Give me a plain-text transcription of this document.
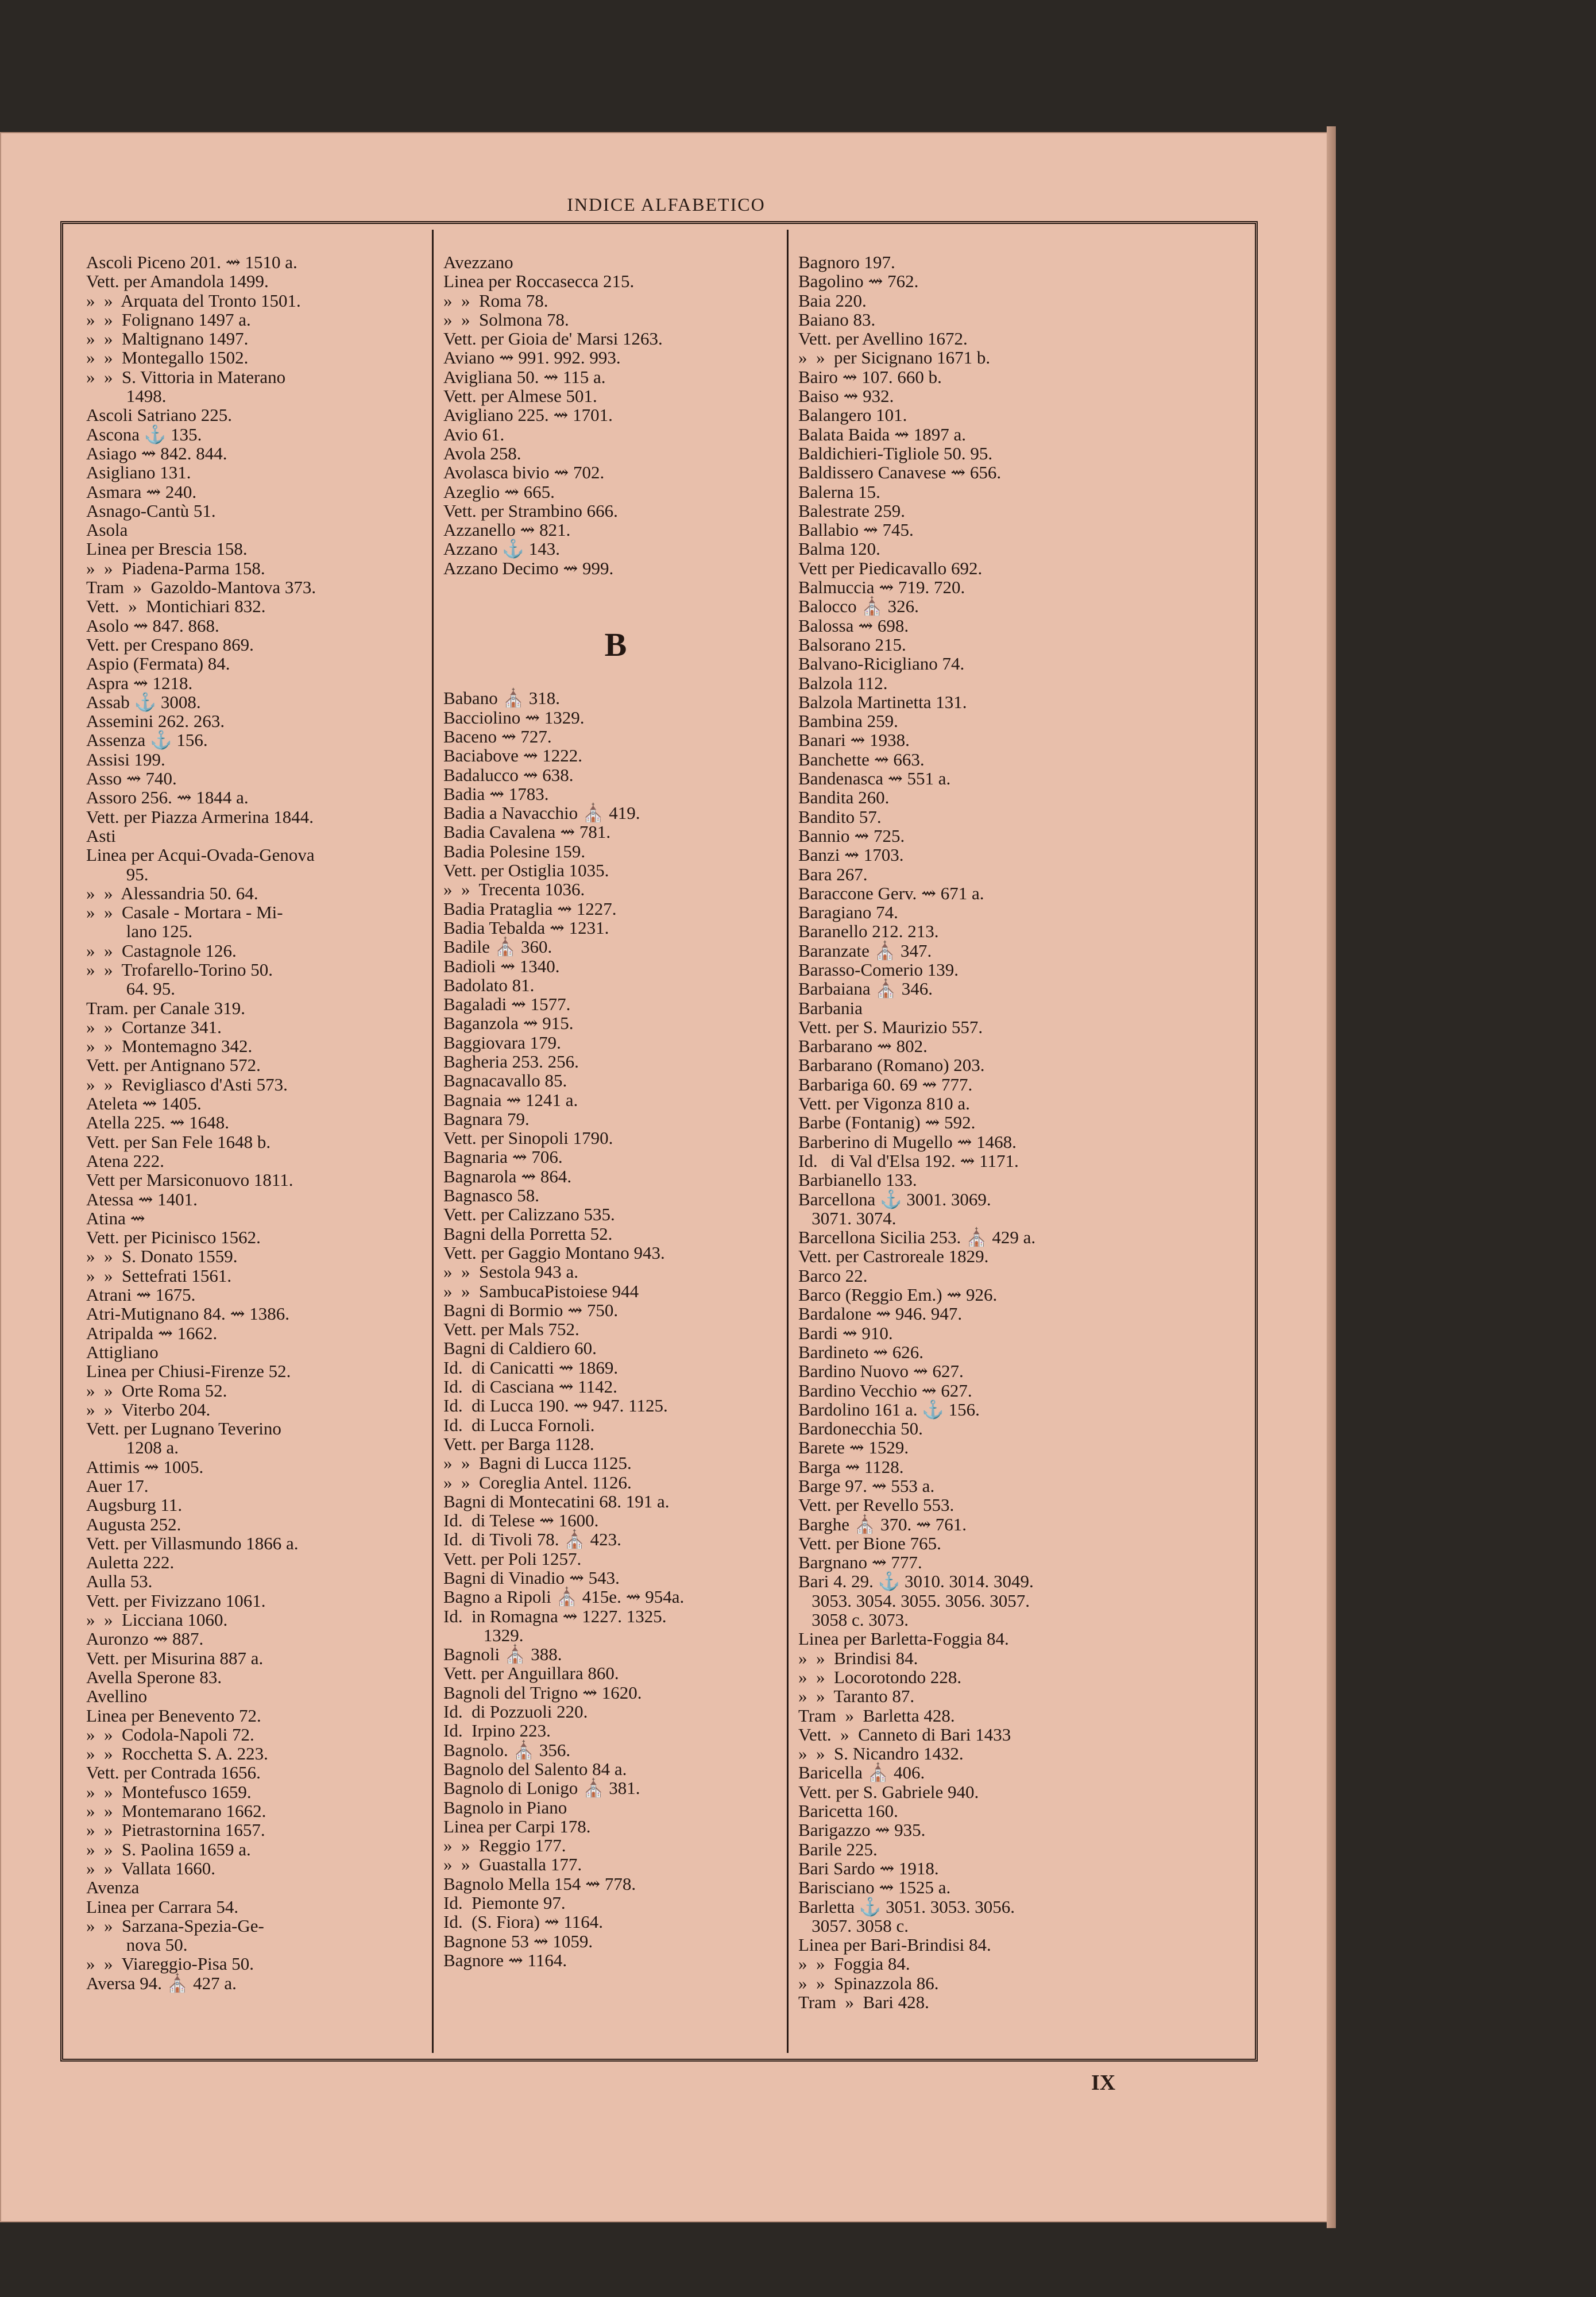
INDICE ALFABETICO
Ascoli Piceno 201. ⇝ 1510 a.
Vett. per Amandola 1499.
»  »  Arquata del Tronto 1501.
»  »  Folignano 1497 a.
»  »  Maltignano 1497.
»  »  Montegallo 1502.
»  »  S. Vittoria in Materano
1498.
Ascoli Satriano 225.
Ascona ⚓ 135.
Asiago ⇝ 842. 844.
Asigliano 131.
Asmara ⇝ 240.
Asnago-Cantù 51.
Asola
Linea per Brescia 158.
»  »  Piadena-Parma 158.
Tram  »  Gazoldo-Mantova 373.
Vett.  »  Montichiari 832.
Asolo ⇝ 847. 868.
Vett. per Crespano 869.
Aspio (Fermata) 84.
Aspra ⇝ 1218.
Assab ⚓ 3008.
Assemini 262. 263.
Assenza ⚓ 156.
Assisi 199.
Asso ⇝ 740.
Assoro 256. ⇝ 1844 a.
Vett. per Piazza Armerina 1844.
Asti
Linea per Acqui-Ovada-Genova
95.
»  »  Alessandria 50. 64.
»  »  Casale - Mortara - Mi-
lano 125.
»  »  Castagnole 126.
»  »  Trofarello-Torino 50.
64. 95.
Tram. per Canale 319.
»  »  Cortanze 341.
»  »  Montemagno 342.
Vett. per Antignano 572.
»  »  Revigliasco d'Asti 573.
Ateleta ⇝ 1405.
Atella 225. ⇝ 1648.
Vett. per San Fele 1648 b.
Atena 222.
Vett per Marsiconuovo 1811.
Atessa ⇝ 1401.
Atina ⇝
Vett. per Picinisco 1562.
»  »  S. Donato 1559.
»  »  Settefrati 1561.
Atrani ⇝ 1675.
Atri-Mutignano 84. ⇝ 1386.
Atripalda ⇝ 1662.
Attigliano
Linea per Chiusi-Firenze 52.
»  »  Orte Roma 52.
»  »  Viterbo 204.
Vett. per Lugnano Teverino
1208 a.
Attimis ⇝ 1005.
Auer 17.
Augsburg 11.
Augusta 252.
Vett. per Villasmundo 1866 a.
Auletta 222.
Aulla 53.
Vett. per Fivizzano 1061.
»  »  Licciana 1060.
Auronzo ⇝ 887.
Vett. per Misurina 887 a.
Avella Sperone 83.
Avellino
Linea per Benevento 72.
»  »  Codola-Napoli 72.
»  »  Rocchetta S. A. 223.
Vett. per Contrada 1656.
»  »  Montefusco 1659.
»  »  Montemarano 1662.
»  »  Pietrastornina 1657.
»  »  S. Paolina 1659 a.
»  »  Vallata 1660.
Avenza
Linea per Carrara 54.
»  »  Sarzana-Spezia-Ge-
nova 50.
»  »  Viareggio-Pisa 50.
Aversa 94. ⛪ 427 a.
Avezzano
Linea per Roccasecca 215.
»  »  Roma 78.
»  »  Solmona 78.
Vett. per Gioia de' Marsi 1263.
Aviano ⇝ 991. 992. 993.
Avigliana 50. ⇝ 115 a.
Vett. per Almese 501.
Avigliano 225. ⇝ 1701.
Avio 61.
Avola 258.
Avolasca bivio ⇝ 702.
Azeglio ⇝ 665.
Vett. per Strambino 666.
Azzanello ⇝ 821.
Azzano ⚓ 143.
Azzano Decimo ⇝ 999.
B
Babano ⛪ 318.
Bacciolino ⇝ 1329.
Baceno ⇝ 727.
Baciabove ⇝ 1222.
Badalucco ⇝ 638.
Badia ⇝ 1783.
Badia a Navacchio ⛪ 419.
Badia Cavalena ⇝ 781.
Badia Polesine 159.
Vett. per Ostiglia 1035.
»  »  Trecenta 1036.
Badia Prataglia ⇝ 1227.
Badia Tebalda ⇝ 1231.
Badile ⛪ 360.
Badioli ⇝ 1340.
Badolato 81.
Bagaladi ⇝ 1577.
Baganzola ⇝ 915.
Baggiovara 179.
Bagheria 253. 256.
Bagnacavallo 85.
Bagnaia ⇝ 1241 a.
Bagnara 79.
Vett. per Sinopoli 1790.
Bagnaria ⇝ 706.
Bagnarola ⇝ 864.
Bagnasco 58.
Vett. per Calizzano 535.
Bagni della Porretta 52.
Vett. per Gaggio Montano 943.
»  »  Sestola 943 a.
»  »  SambucaPistoiese 944
Bagni di Bormio ⇝ 750.
Vett. per Mals 752.
Bagni di Caldiero 60.
Id.  di Canicatti ⇝ 1869.
Id.  di Casciana ⇝ 1142.
Id.  di Lucca 190. ⇝ 947. 1125.
Id.  di Lucca Fornoli.
Vett. per Barga 1128.
»  »  Bagni di Lucca 1125.
»  »  Coreglia Antel. 1126.
Bagni di Montecatini 68. 191 a.
Id.  di Telese ⇝ 1600.
Id.  di Tivoli 78. ⛪ 423.
Vett. per Poli 1257.
Bagni di Vinadio ⇝ 543.
Bagno a Ripoli ⛪ 415e. ⇝ 954a.
Id.  in Romagna ⇝ 1227. 1325.
1329.
Bagnoli ⛪ 388.
Vett. per Anguillara 860.
Bagnoli del Trigno ⇝ 1620.
Id.  di Pozzuoli 220.
Id.  Irpino 223.
Bagnolo. ⛪ 356.
Bagnolo del Salento 84 a.
Bagnolo di Lonigo ⛪ 381.
Bagnolo in Piano
Linea per Carpi 178.
»  »  Reggio 177.
»  »  Guastalla 177.
Bagnolo Mella 154 ⇝ 778.
Id.  Piemonte 97.
Id.  (S. Fiora) ⇝ 1164.
Bagnone 53 ⇝ 1059.
Bagnore ⇝ 1164.
Bagnoro 197.
Bagolino ⇝ 762.
Baia 220.
Baiano 83.
Vett. per Avellino 1672.
»  »  per Sicignano 1671 b.
Bairo ⇝ 107. 660 b.
Baiso ⇝ 932.
Balangero 101.
Balata Baida ⇝ 1897 a.
Baldichieri-Tigliole 50. 95.
Baldissero Canavese ⇝ 656.
Balerna 15.
Balestrate 259.
Ballabio ⇝ 745.
Balma 120.
Vett per Piedicavallo 692.
Balmuccia ⇝ 719. 720.
Balocco ⛪ 326.
Balossa ⇝ 698.
Balsorano 215.
Balvano-Ricigliano 74.
Balzola 112.
Balzola Martinetta 131.
Bambina 259.
Banari ⇝ 1938.
Banchette ⇝ 663.
Bandenasca ⇝ 551 a.
Bandita 260.
Bandito 57.
Bannio ⇝ 725.
Banzi ⇝ 1703.
Bara 267.
Baraccone Gerv. ⇝ 671 a.
Baragiano 74.
Baranello 212. 213.
Baranzate ⛪ 347.
Barasso-Comerio 139.
Barbaiana ⛪ 346.
Barbania
Vett. per S. Maurizio 557.
Barbarano ⇝ 802.
Barbarano (Romano) 203.
Barbariga 60. 69 ⇝ 777.
Vett. per Vigonza 810 a.
Barbe (Fontanig) ⇝ 592.
Barberino di Mugello ⇝ 1468.
Id.   di Val d'Elsa 192. ⇝ 1171.
Barbianello 133.
Barcellona ⚓ 3001. 3069.
3071. 3074.
Barcellona Sicilia 253. ⛪ 429 a.
Vett. per Castroreale 1829.
Barco 22.
Barco (Reggio Em.) ⇝ 926.
Bardalone ⇝ 946. 947.
Bardi ⇝ 910.
Bardineto ⇝ 626.
Bardino Nuovo ⇝ 627.
Bardino Vecchio ⇝ 627.
Bardolino 161 a. ⚓ 156.
Bardonecchia 50.
Barete ⇝ 1529.
Barga ⇝ 1128.
Barge 97. ⇝ 553 a.
Vett. per Revello 553.
Barghe ⛪ 370. ⇝ 761.
Vett. per Bione 765.
Bargnano ⇝ 777.
Bari 4. 29. ⚓ 3010. 3014. 3049.
3053. 3054. 3055. 3056. 3057.
3058 c. 3073.
Linea per Barletta-Foggia 84.
»  »  Brindisi 84.
»  »  Locorotondo 228.
»  »  Taranto 87.
Tram  »  Barletta 428.
Vett.  »  Canneto di Bari 1433
»  »  S. Nicandro 1432.
Baricella ⛪ 406.
Vett. per S. Gabriele 940.
Baricetta 160.
Barigazzo ⇝ 935.
Barile 225.
Bari Sardo ⇝ 1918.
Barisciano ⇝ 1525 a.
Barletta ⚓ 3051. 3053. 3056.
3057. 3058 c.
Linea per Bari-Brindisi 84.
»  »  Foggia 84.
»  »  Spinazzola 86.
Tram  »  Bari 428.
IX
